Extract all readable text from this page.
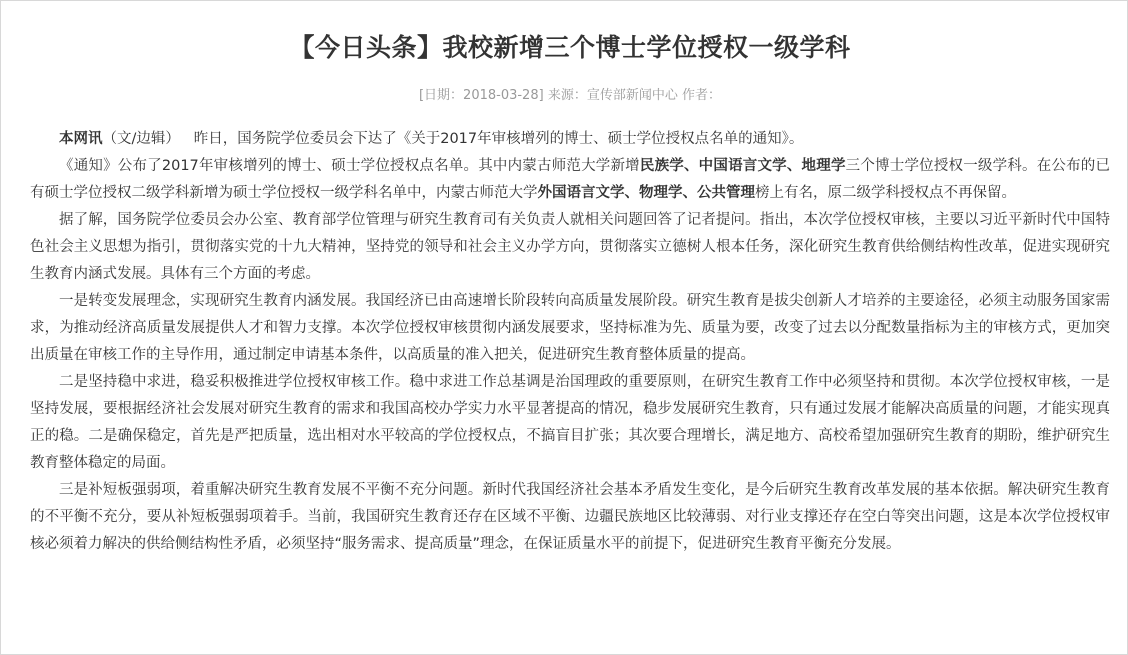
【今日头条】我校新增三个博士学位授权一级学科
[日期：2018-03-28] 来源：宣传部新闻中心 作者：

本网讯（文/边辑） 昨日，国务院学位委员会下达了《关于2017年审核增列的博士、硕士学位授权点名单的通知》。

《通知》公布了2017年审核增列的博士、硕士学位授权点名单。其中内蒙古师范大学新增民族学、中国语言文学、地理学三个博士学位授权一级学科。在公布的已有硕士学位授权二级学科新增为硕士学位授权一级学科名单中，内蒙古师范大学外国语言文学、物理学、公共管理榜上有名，原二级学科授权点不再保留。

据了解，国务院学位委员会办公室、教育部学位管理与研究生教育司有关负责人就相关问题回答了记者提问。指出，本次学位授权审核，主要以习近平新时代中国特色社会主义思想为指引，贯彻落实党的十九大精神，坚持党的领导和社会主义办学方向，贯彻落实立德树人根本任务，深化研究生教育供给侧结构性改革，促进实现研究生教育内涵式发展。具体有三个方面的考虑。

一是转变发展理念，实现研究生教育内涵发展。我国经济已由高速增长阶段转向高质量发展阶段。研究生教育是拔尖创新人才培养的主要途径，必须主动服务国家需求，为推动经济高质量发展提供人才和智力支撑。本次学位授权审核贯彻内涵发展要求，坚持标准为先、质量为要，改变了过去以分配数量指标为主的审核方式，更加突出质量在审核工作的主导作用，通过制定申请基本条件，以高质量的准入把关，促进研究生教育整体质量的提高。

二是坚持稳中求进，稳妥积极推进学位授权审核工作。稳中求进工作总基调是治国理政的重要原则，在研究生教育工作中必须坚持和贯彻。本次学位授权审核，一是坚持发展，要根据经济社会发展对研究生教育的需求和我国高校办学实力水平显著提高的情况，稳步发展研究生教育，只有通过发展才能解决高质量的问题，才能实现真正的稳。二是确保稳定，首先是严把质量，选出相对水平较高的学位授权点，不搞盲目扩张；其次要合理增长，满足地方、高校希望加强研究生教育的期盼，维护研究生教育整体稳定的局面。

三是补短板强弱项，着重解决研究生教育发展不平衡不充分问题。新时代我国经济社会基本矛盾发生变化，是今后研究生教育改革发展的基本依据。解决研究生教育的不平衡不充分，要从补短板强弱项着手。当前，我国研究生教育还存在区域不平衡、边疆民族地区比较薄弱、对行业支撑还存在空白等突出问题，这是本次学位授权审核必须着力解决的供给侧结构性矛盾，必须坚持“服务需求、提高质量”理念，在保证质量水平的前提下，促进研究生教育平衡充分发展。
